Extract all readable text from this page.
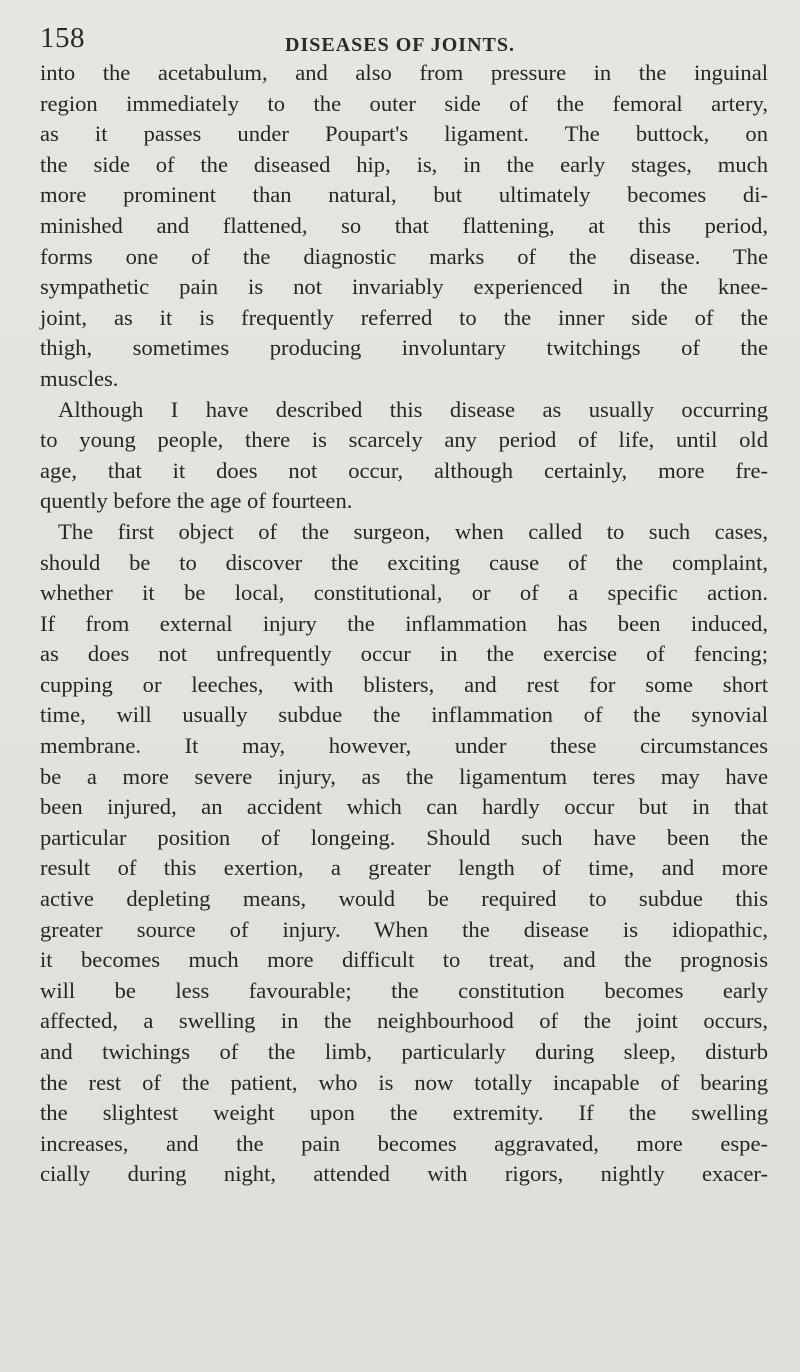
158	DISEASES OF JOINTS.
into the acetabulum, and also from pressure in the inguinal
region immediately to the outer side of the femoral artery,
as it passes under Poupart's ligament. The buttock, on
the side of the diseased hip, is, in the early stages, much
more prominent than natural, but ultimately becomes di-
minished and flattened, so that flattening, at this period,
forms one of the diagnostic marks of the disease. The
sympathetic pain is not invariably experienced in the knee-
joint, as it is frequently referred to the inner side of the
thigh, sometimes producing involuntary twitchings of the
muscles.
Although I have described this disease as usually occurring
to young people, there is scarcely any period of life, until old
age, that it does not occur, although certainly, more fre-
quently before the age of fourteen.
The first object of the surgeon, when called to such cases,
should be to discover the exciting cause of the complaint,
whether it be local, constitutional, or of a specific action.
If from external injury the inflammation has been induced,
as does not unfrequently occur in the exercise of fencing;
cupping or leeches, with blisters, and rest for some short
time, will usually subdue the inflammation of the synovial
membrane. It may, however, under these circumstances
be a more severe injury, as the ligamentum teres may have
been injured, an accident which can hardly occur but in that
particular position of longeing. Should such have been the
result of this exertion, a greater length of time, and more
active depleting means, would be required to subdue this
greater source of injury. When the disease is idiopathic,
it becomes much more difficult to treat, and the prognosis
will be less favourable; the constitution becomes early
affected, a swelling in the neighbourhood of the joint occurs,
and twichings of the limb, particularly during sleep, disturb
the rest of the patient, who is now totally incapable of bearing
the slightest weight upon the extremity. If the swelling
increases, and the pain becomes aggravated, more espe-
cially during night, attended with rigors, nightly exacer-
